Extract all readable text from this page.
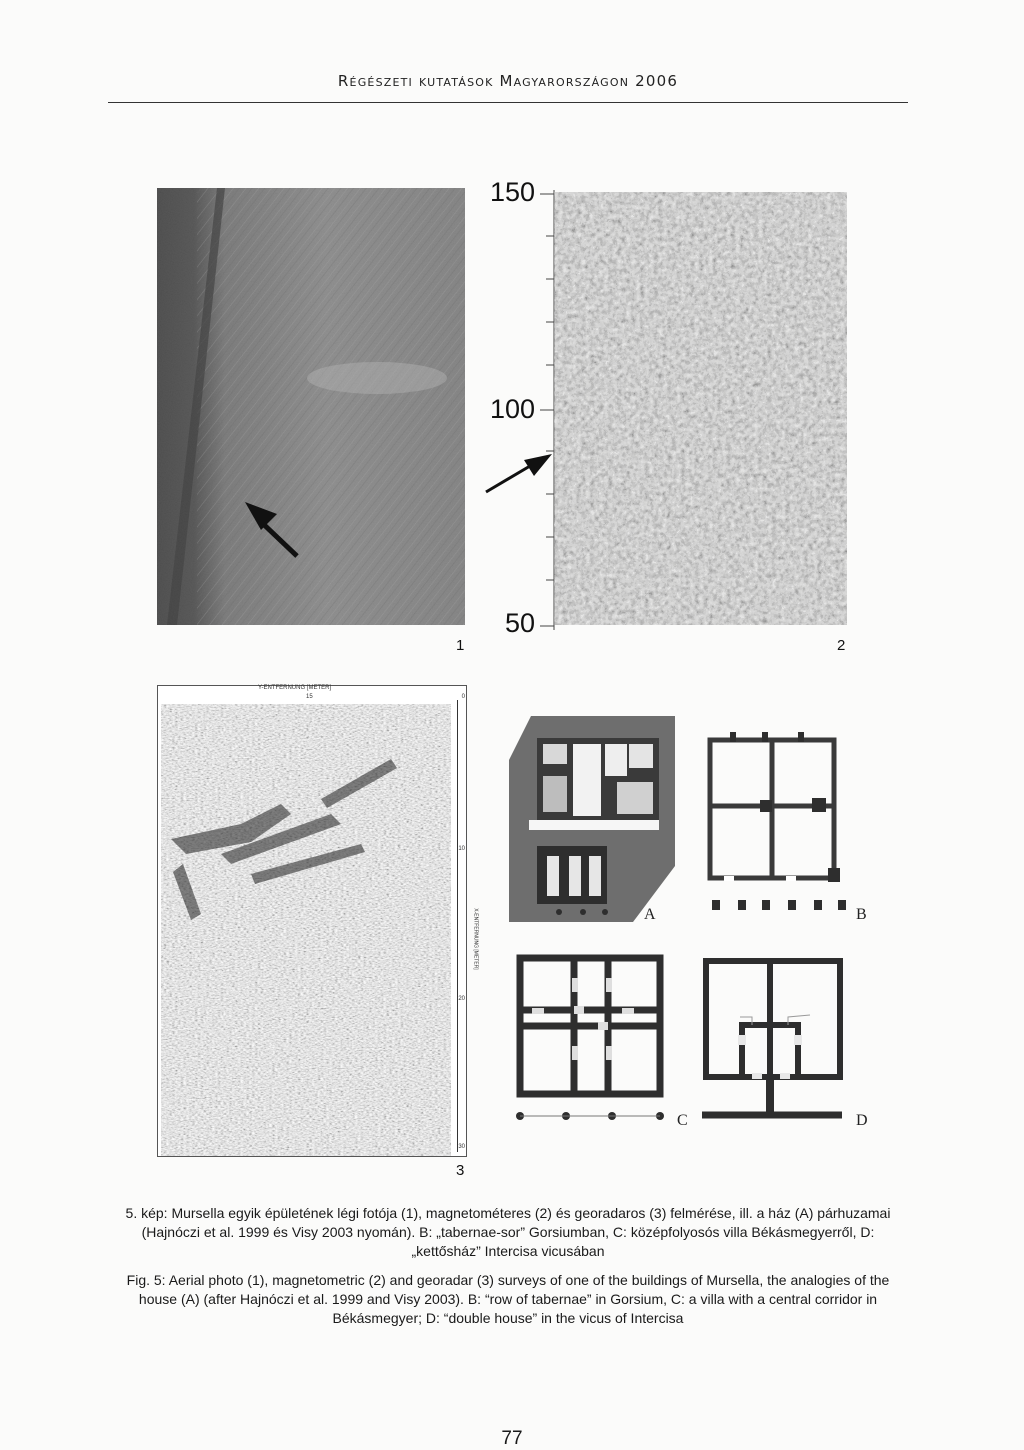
Régészeti kutatások Magyarországon 2006
1
150
100
50
2
Y-ENTFERNUNG [METER]
15	0
10
X-ENTFERNUNG [METER]
20
30
3
A	B
C	D
5. kép: Mursella egyik épületének légi fotója (1), magnetométeres (2) és georadaros (3) felmérése, ill. a ház (A) párhuzamai (Hajnóczi et al. 1999 és Visy 2003 nyomán). B: „tabernae-sor” Gorsiumban, C: középfolyosós villa Békásmegyerről, D: „kettősház” Intercisa vicusában
Fig. 5: Aerial photo (1), magnetometric (2) and georadar (3) surveys of one of the buildings of Mursella, the analogies of the house (A) (after Hajnóczi et al. 1999 and Visy 2003). B: “row of tabernae” in Gorsium, C: a villa with a central corridor in Békásmegyer; D: “double house” in the vicus of Intercisa
77
